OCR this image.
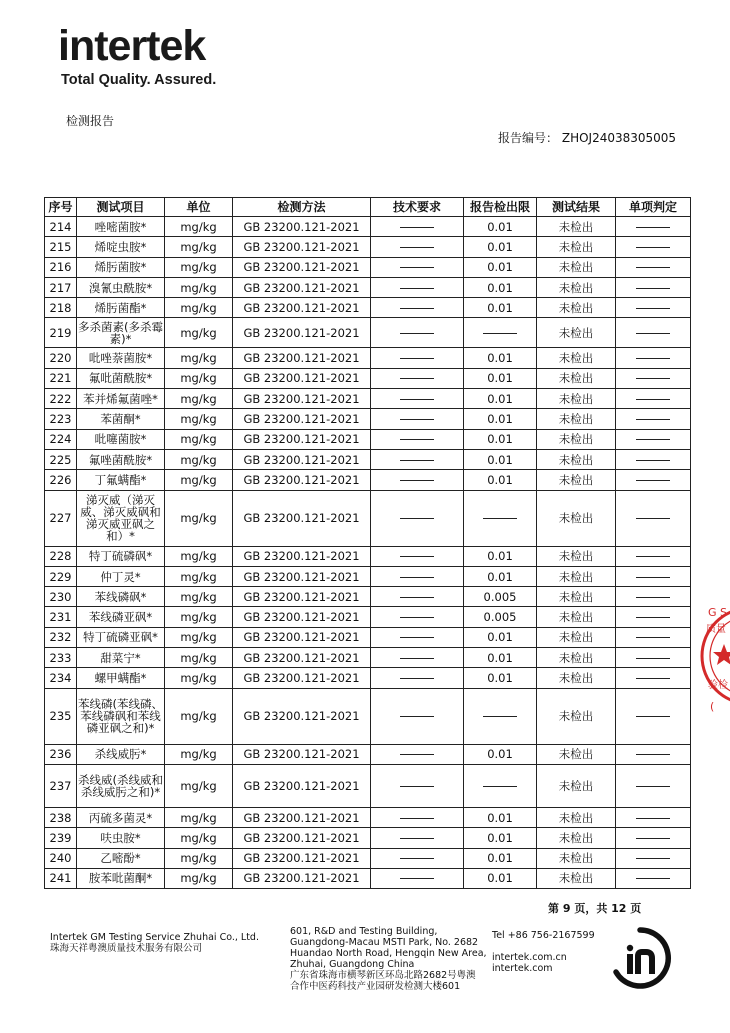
intertek
Total Quality. Assured.
检测报告
报告编号： ZHOJ24038305005
序号	测试项目	单位	检测方法	技术要求	报告检出限	测试结果	单项判定
214	唑嘧菌胺*	mg/kg	GB 23200.121-2021		0.01	未检出	
215	烯啶虫胺*	mg/kg	GB 23200.121-2021		0.01	未检出	
216	烯肟菌胺*	mg/kg	GB 23200.121-2021		0.01	未检出	
217	溴氰虫酰胺*	mg/kg	GB 23200.121-2021		0.01	未检出	
218	烯肟菌酯*	mg/kg	GB 23200.121-2021		0.01	未检出	
219	多杀菌素(多杀霉素)*	mg/kg	GB 23200.121-2021			未检出	
220	吡唑萘菌胺*	mg/kg	GB 23200.121-2021		0.01	未检出	
221	氟吡菌酰胺*	mg/kg	GB 23200.121-2021		0.01	未检出	
222	苯并烯氟菌唑*	mg/kg	GB 23200.121-2021		0.01	未检出	
223	苯菌酮*	mg/kg	GB 23200.121-2021		0.01	未检出	
224	吡噻菌胺*	mg/kg	GB 23200.121-2021		0.01	未检出	
225	氟唑菌酰胺*	mg/kg	GB 23200.121-2021		0.01	未检出	
226	丁氟螨酯*	mg/kg	GB 23200.121-2021		0.01	未检出	
227	涕灭威（涕灭威、涕灭威砜和涕灭威亚砜之和）*	mg/kg	GB 23200.121-2021			未检出	
228	特丁硫磷砜*	mg/kg	GB 23200.121-2021		0.01	未检出	
229	仲丁灵*	mg/kg	GB 23200.121-2021		0.01	未检出	
230	苯线磷砜*	mg/kg	GB 23200.121-2021		0.005	未检出	
231	苯线磷亚砜*	mg/kg	GB 23200.121-2021		0.005	未检出	
232	特丁硫磷亚砜*	mg/kg	GB 23200.121-2021		0.01	未检出	
233	甜菜宁*	mg/kg	GB 23200.121-2021		0.01	未检出	
234	螺甲螨酯*	mg/kg	GB 23200.121-2021		0.01	未检出	
235	苯线磷(苯线磷、苯线磷砜和苯线磷亚砜之和)*	mg/kg	GB 23200.121-2021			未检出	
236	杀线威肟*	mg/kg	GB 23200.121-2021		0.01	未检出	
237	杀线威(杀线威和杀线威肟之和)*	mg/kg	GB 23200.121-2021			未检出	
238	丙硫多菌灵*	mg/kg	GB 23200.121-2021		0.01	未检出	
239	呋虫胺*	mg/kg	GB 23200.121-2021		0.01	未检出	
240	乙嘧酚*	mg/kg	GB 23200.121-2021		0.01	未检出	
241	胺苯吡菌酮*	mg/kg	GB 23200.121-2021		0.01	未检出	
第 9 页，共 12 页
Intertek GM Testing Service Zhuhai Co., Ltd.
珠海天祥粤澳质量技术服务有限公司
601, R&D and Testing Building,
Guangdong-Macau MSTI Park, No. 2682
Huandao North Road, Hengqin New Area,
Zhuhai, Guangdong China
广东省珠海市横琴新区环岛北路2682号粤澳
合作中医药科技产业园研发检测大楼601
Tel +86 756-2167599
intertek.com.cn
intertek.com
G S
质量
验检
(
